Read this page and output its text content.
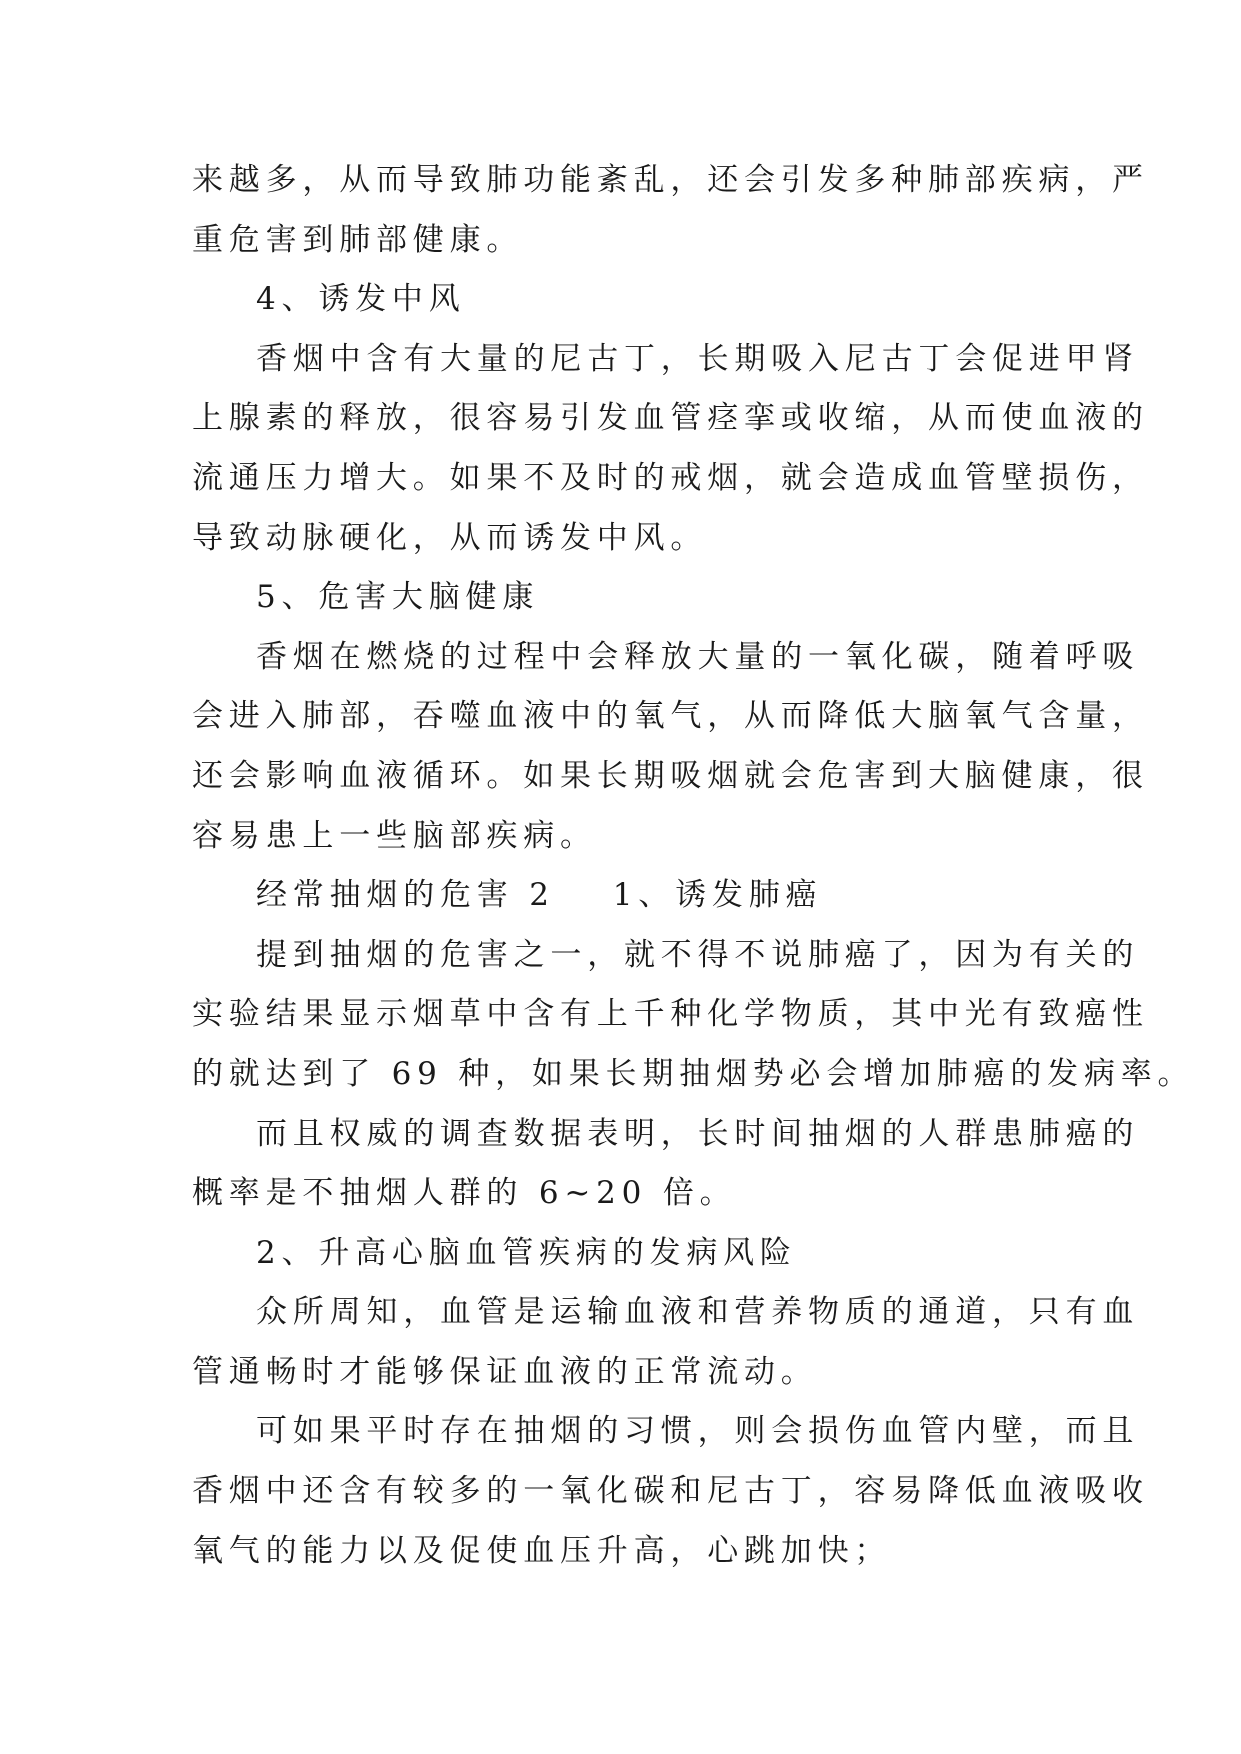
来越多，从而导致肺功能紊乱，还会引发多种肺部疾病，严
重危害到肺部健康。
4、诱发中风
香烟中含有大量的尼古丁，长期吸入尼古丁会促进甲肾
上腺素的释放，很容易引发血管痉挛或收缩，从而使血液的
流通压力增大。如果不及时的戒烟，就会造成血管壁损伤，
导致动脉硬化，从而诱发中风。
5、危害大脑健康
香烟在燃烧的过程中会释放大量的一氧化碳，随着呼吸
会进入肺部，吞噬血液中的氧气，从而降低大脑氧气含量，
还会影响血液循环。如果长期吸烟就会危害到大脑健康，很
容易患上一些脑部疾病。
经常抽烟的危害 2 1、诱发肺癌
提到抽烟的危害之一，就不得不说肺癌了，因为有关的
实验结果显示烟草中含有上千种化学物质，其中光有致癌性
的就达到了 69 种，如果长期抽烟势必会增加肺癌的发病率。
而且权威的调查数据表明，长时间抽烟的人群患肺癌的
概率是不抽烟人群的 6~20 倍。
2、升高心脑血管疾病的发病风险
众所周知，血管是运输血液和营养物质的通道，只有血
管通畅时才能够保证血液的正常流动。
可如果平时存在抽烟的习惯，则会损伤血管内壁，而且
香烟中还含有较多的一氧化碳和尼古丁，容易降低血液吸收
氧气的能力以及促使血压升高，心跳加快；
